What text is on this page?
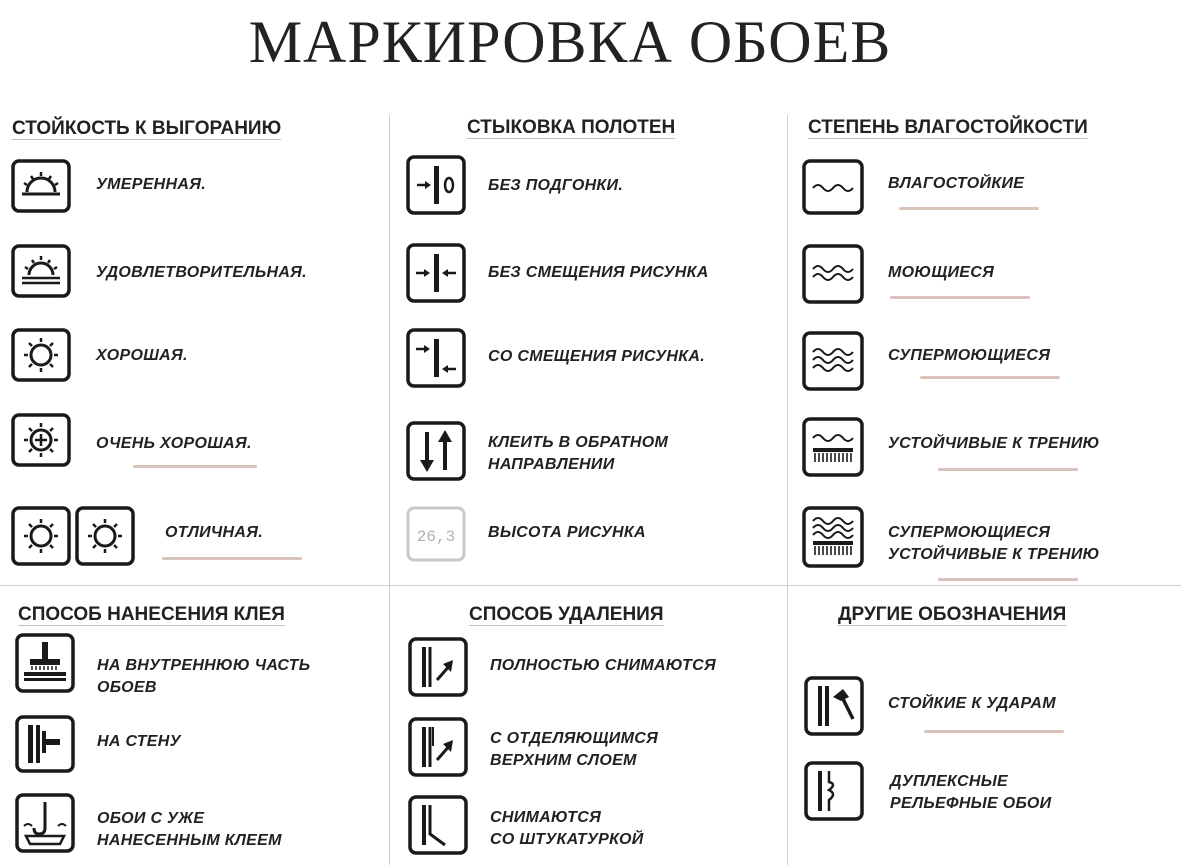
МАРКИРОВКА ОБОЕВ
СТОЙКОСТЬ К ВЫГОРАНИЮ
УМЕРЕННАЯ.
УДОВЛЕТВОРИТЕЛЬНАЯ.
ХОРОШАЯ.
ОЧЕНЬ ХОРОШАЯ.
ОТЛИЧНАЯ.
СТЫКОВКА ПОЛОТЕН
БЕЗ ПОДГОНКИ.
БЕЗ СМЕЩЕНИЯ РИСУНКА
СО СМЕЩЕНИЯ РИСУНКА.
КЛЕИТЬ В ОБРАТНОМ
НАПРАВЛЕНИИ
26,3 ВЫСОТА РИСУНКА
СТЕПЕНЬ ВЛАГОСТОЙКОСТИ
ВЛАГОСТОЙКИЕ
МОЮЩИЕСЯ
СУПЕРМОЮЩИЕСЯ
УСТОЙЧИВЫЕ К ТРЕНИЮ
СУПЕРМОЮЩИЕСЯ
УСТОЙЧИВЫЕ К ТРЕНИЮ
СПОСОБ НАНЕСЕНИЯ КЛЕЯ
НА ВНУТРЕННЮЮ ЧАСТЬ
ОБОЕВ
НА СТЕНУ
ОБОИ С УЖЕ
НАНЕСЕННЫМ КЛЕЕМ
СПОСОБ УДАЛЕНИЯ
ПОЛНОСТЬЮ СНИМАЮТСЯ
С ОТДЕЛЯЮЩИМСЯ
ВЕРХНИМ СЛОЕМ
СНИМАЮТСЯ
СО ШТУКАТУРКОЙ
ДРУГИЕ ОБОЗНАЧЕНИЯ
СТОЙКИЕ К УДАРАМ
ДУПЛЕКСНЫЕ
РЕЛЬЕФНЫЕ ОБОИ
